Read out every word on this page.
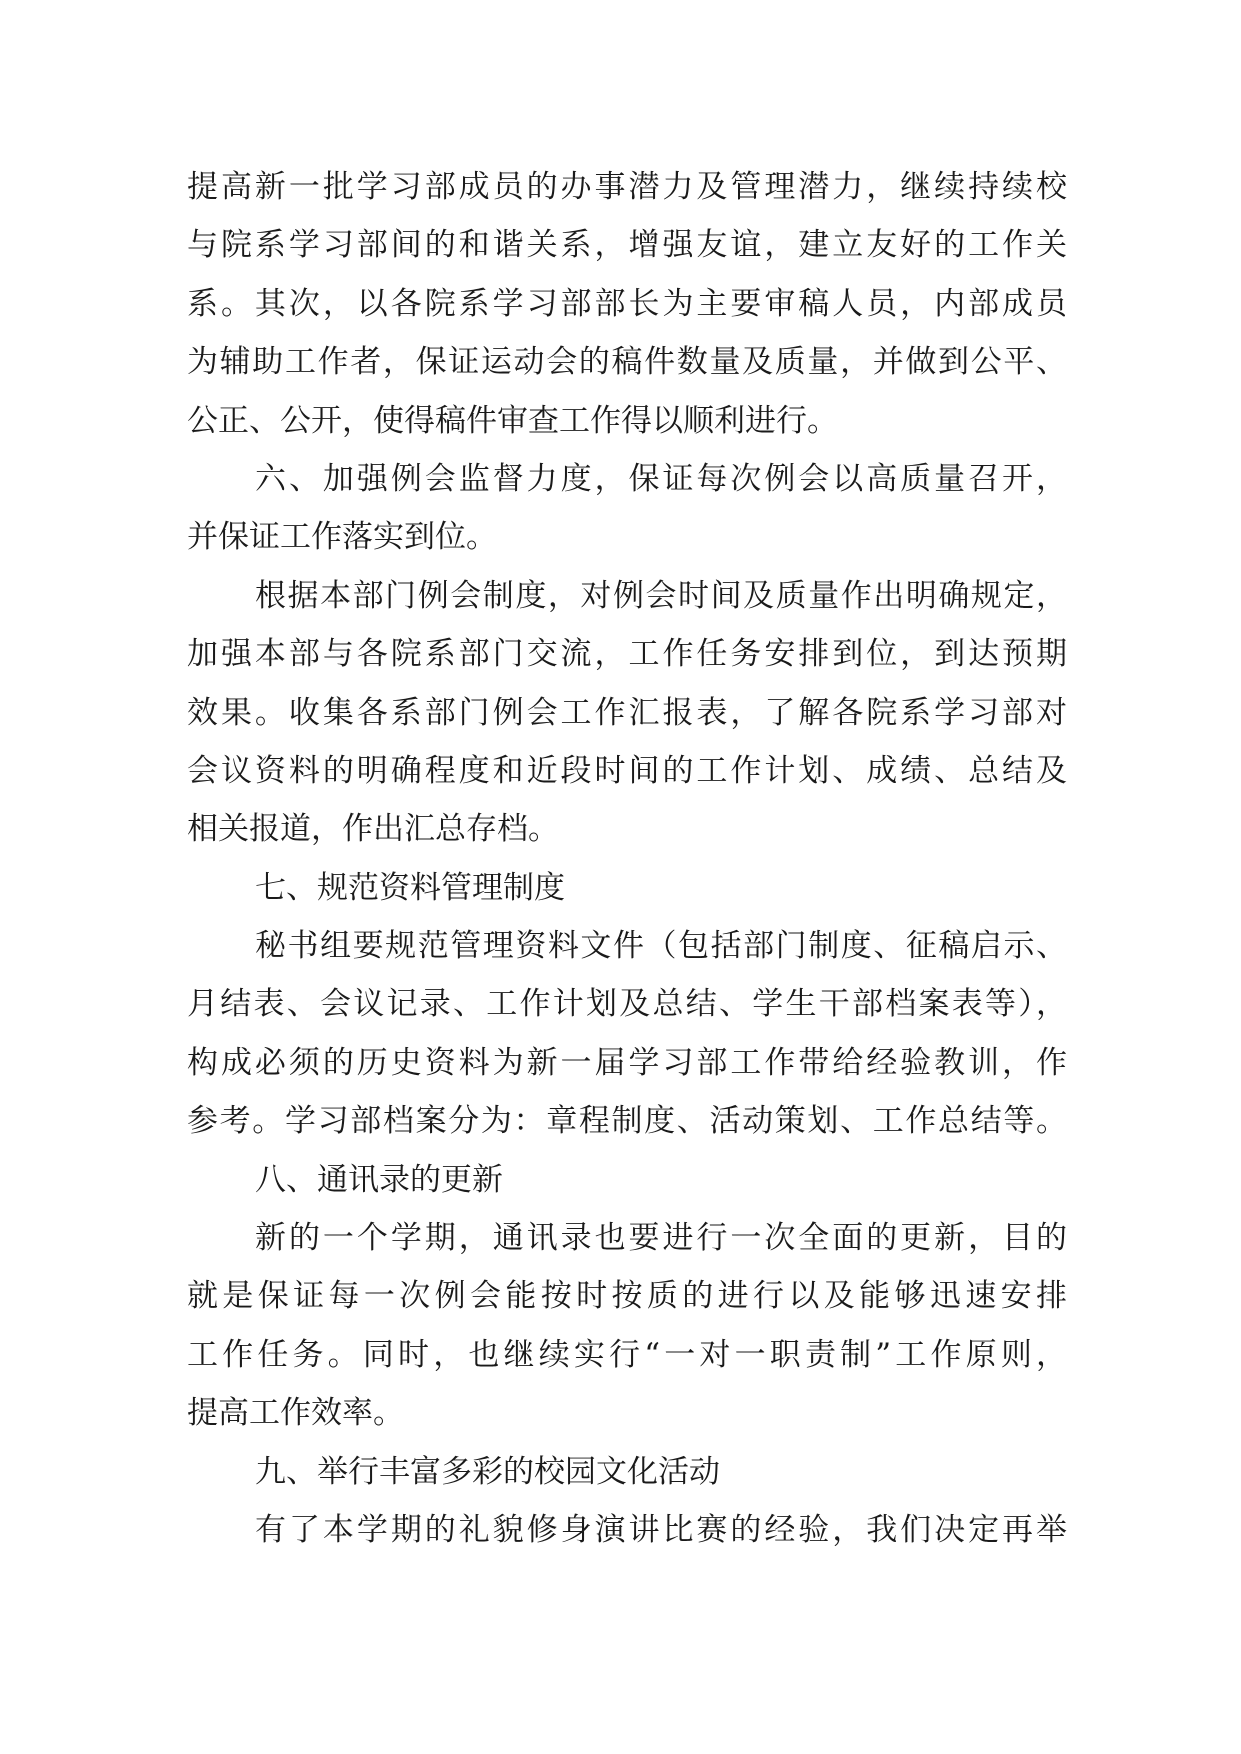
提高新一批学习部成员的办事潜力及管理潜力，继续持续校
与院系学习部间的和谐关系，增强友谊，建立友好的工作关
系。其次，以各院系学习部部长为主要审稿人员，内部成员
为辅助工作者，保证运动会的稿件数量及质量，并做到公平、
公正、公开，使得稿件审查工作得以顺利进行。
六、加强例会监督力度，保证每次例会以高质量召开，
并保证工作落实到位。
根据本部门例会制度，对例会时间及质量作出明确规定，
加强本部与各院系部门交流，工作任务安排到位，到达预期
效果。收集各系部门例会工作汇报表，了解各院系学习部对
会议资料的明确程度和近段时间的工作计划、成绩、总结及
相关报道，作出汇总存档。
七、规范资料管理制度
秘书组要规范管理资料文件（包括部门制度、征稿启示、
月结表、会议记录、工作计划及总结、学生干部档案表等），
构成必须的历史资料为新一届学习部工作带给经验教训，作
参考。学习部档案分为：章程制度、活动策划、工作总结等。
八、通讯录的更新
新的一个学期，通讯录也要进行一次全面的更新，目的
就是保证每一次例会能按时按质的进行以及能够迅速安排
工作任务。同时，也继续实行“一对一职责制”工作原则，
提高工作效率。
九、举行丰富多彩的校园文化活动
有了本学期的礼貌修身演讲比赛的经验，我们决定再举
